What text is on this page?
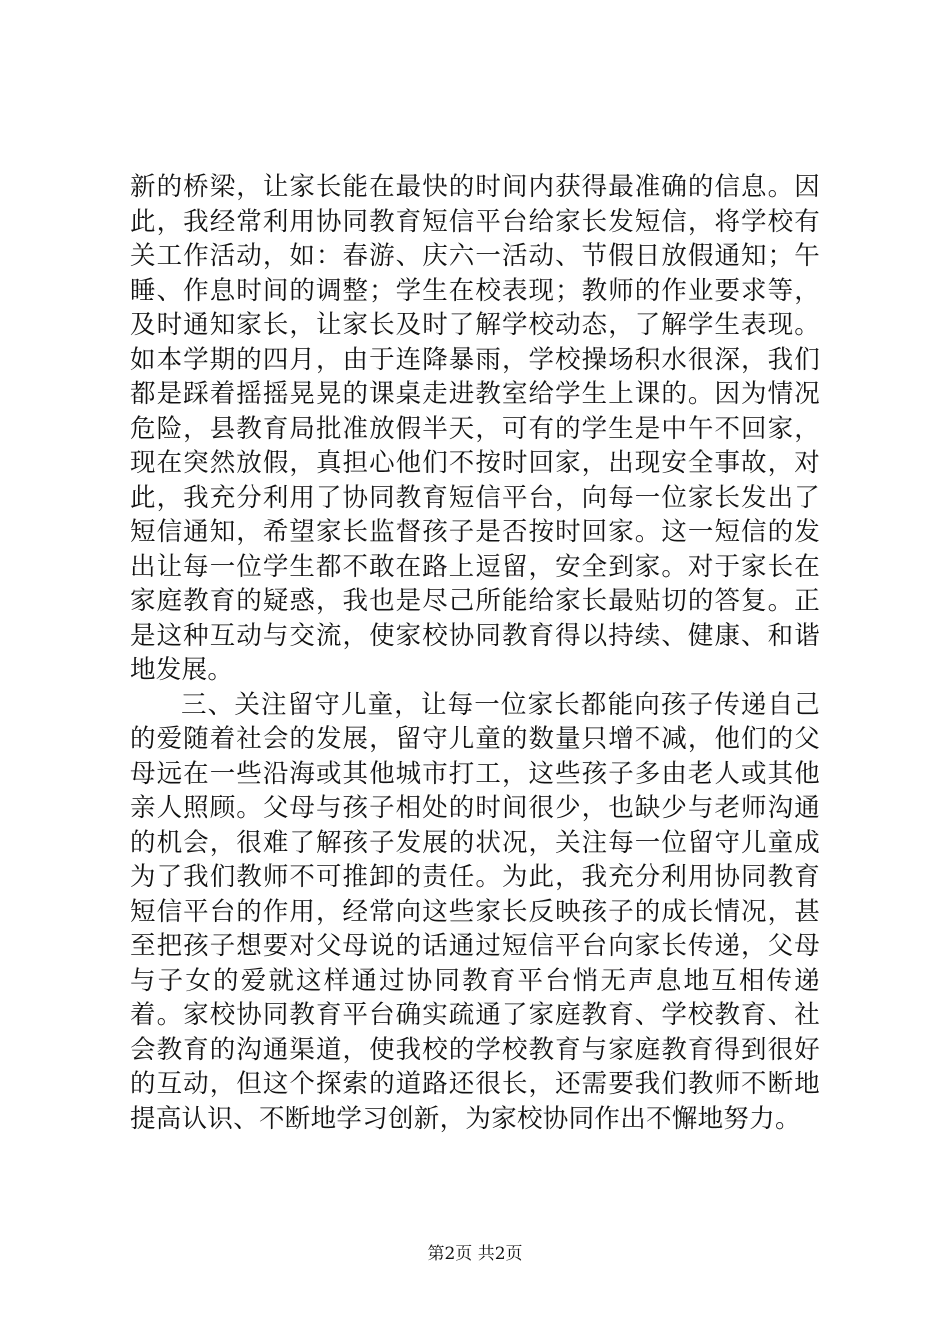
新的桥梁，让家长能在最快的时间内获得最准确的信息。因此，我经常利用协同教育短信平台给家长发短信，将学校有关工作活动，如：春游、庆六一活动、节假日放假通知；午睡、作息时间的调整；学生在校表现；教师的作业要求等，及时通知家长，让家长及时了解学校动态，了解学生表现。如本学期的四月，由于连降暴雨，学校操场积水很深，我们都是踩着摇摇晃晃的课桌走进教室给学生上课的。因为情况危险，县教育局批准放假半天，可有的学生是中午不回家，现在突然放假，真担心他们不按时回家，出现安全事故，对此，我充分利用了协同教育短信平台，向每一位家长发出了短信通知，希望家长监督孩子是否按时回家。这一短信的发出让每一位学生都不敢在路上逗留，安全到家。对于家长在家庭教育的疑惑，我也是尽己所能给家长最贴切的答复。正是这种互动与交流，使家校协同教育得以持续、健康、和谐地发展。

三、关注留守儿童，让每一位家长都能向孩子传递自己的爱随着社会的发展，留守儿童的数量只增不减，他们的父母远在一些沿海或其他城市打工，这些孩子多由老人或其他亲人照顾。父母与孩子相处的时间很少，也缺少与老师沟通的机会，很难了解孩子发展的状况，关注每一位留守儿童成为了我们教师不可推卸的责任。为此，我充分利用协同教育短信平台的作用，经常向这些家长反映孩子的成长情况，甚至把孩子想要对父母说的话通过短信平台向家长传递，父母与子女的爱就这样通过协同教育平台悄无声息地互相传递着。家校协同教育平台确实疏通了家庭教育、学校教育、社会教育的沟通渠道，使我校的学校教育与家庭教育得到很好的互动，但这个探索的道路还很长，还需要我们教师不断地提高认识、不断地学习创新，为家校协同作出不懈地努力。

第2页 共2页
